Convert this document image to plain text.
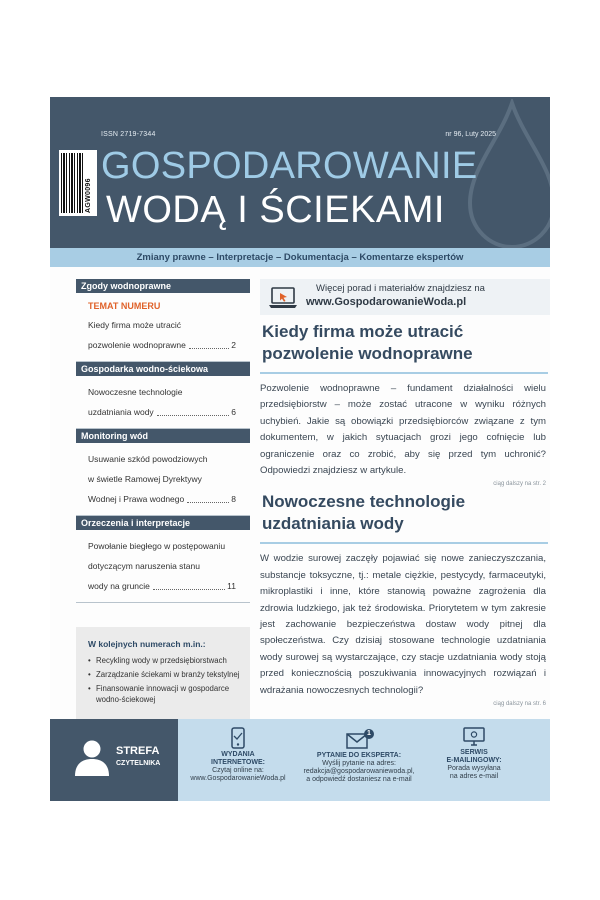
ISSN 2719-7344	nr 96, Luty 2025
AGW0096
GOSPODAROWANIE
WODĄ I ŚCIEKAMI
Zmiany prawne – Interpretacje – Dokumentacja – Komentarze ekspertów
Zgody wodnoprawne
TEMAT NUMERU
Kiedy firma może utracić
pozwolenie wodnoprawne	2
Gospodarka wodno-ściekowa
Nowoczesne technologie
uzdatniania wody	6
Monitoring wód
Usuwanie szkód powodziowych
w świetle Ramowej Dyrektywy
Wodnej i Prawa wodnego	8
Orzeczenia i interpretacje
Powołanie biegłego w postępowaniu
dotyczącym naruszenia stanu
wody na gruncie	11
W kolejnych numerach m.in.:
• Recykling wody w przedsiębiorstwach
• Zarządzanie ściekami w branży tekstylnej
• Finansowanie innowacji w gospodarce wodno-ściekowej
Więcej porad i materiałów znajdziesz na
www.GospodarowanieWoda.pl
Kiedy firma może utracić
pozwolenie wodnoprawne
Pozwolenie wodnoprawne – fundament działalności wielu przedsiębiorstw – może zostać utracone w wyniku różnych uchybień. Jakie są obowiązki przedsiębiorców związane z tym dokumentem, w jakich sytuacjach grozi jego cofnięcie lub ograniczenie oraz co zrobić, aby się przed tym uchronić? Odpowiedzi znajdziesz w artykule.
ciąg dalszy na str. 2
Nowoczesne technologie
uzdatniania wody
W wodzie surowej zaczęły pojawiać się nowe zanieczyszczania, substancje toksyczne, tj.: metale ciężkie, pestycydy, farmaceutyki, mikroplastiki i inne, które stanowią poważne zagrożenia dla zdrowia ludzkiego, jak też środowiska. Priorytetem w tym zakresie jest zachowanie bezpieczeństwa dostaw wody pitnej dla społeczeństwa. Czy dzisiaj stosowane technologie uzdatniania wody surowej są wystarczające, czy stacje uzdatniania wody stoją przed koniecznością poszukiwania innowacyjnych rozwiązań i wdrażania nowoczesnych technologii?
ciąg dalszy na str. 6
STREFA
CZYTELNIKA
WYDANIA
INTERNETOWE:
Czytaj online na:
www.GospodarowanieWoda.pl
1
PYTANIE DO EKSPERTA:
Wyślij pytanie na adres:
redakcja@gospodarowaniewoda.pl,
a odpowiedź dostaniesz na e-mail
SERWIS
E-MAILINGOWY:
Porada wysyłana
na adres e-mail
